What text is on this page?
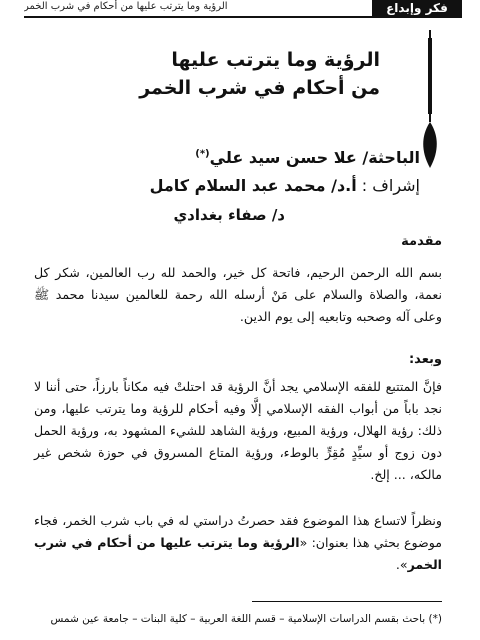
فكر وإبداع
الرؤية وما يترتب عليها من أحكام في شرب الخمر
الرؤية وما يترتب عليها
من أحكام في شرب الخمر
الباحثة/ علا حسن سيد علي(*)
إشراف : أ.د/ محمد عبد السلام كامل
د/ صفاء بغدادي
مقدمة
بسم الله الرحمن الرحيم، فاتحة كل خير، والحمد لله رب العالمين، شكر كل نعمة، والصلاة والسلام على مَنْ أرسله الله رحمة للعالمين سيدنا محمد ﷺ وعلى آله وصحبه وتابعيه إلى يوم الدين.
وبعد:
فإنَّ المتتبع للفقه الإسلامي يجد أنَّ الرؤية قد احتلتْ فيه مكاناً بارزاً، حتى أننا لا نجد باباً من أبواب الفقه الإسلامي إلَّا وفيه أحكام للرؤية وما يترتب عليها، ومن ذلك: رؤية الهلال، ورؤية المبيع، ورؤية الشاهد للشيء المشهود به، ورؤية الحمل دون زوج أو سيِّدٍ مُقِرٍّ بالوطء، ورؤية المتاع المسروق في حوزة شخص غير مالكه، ... إلخ.
ونظراً لاتساع هذا الموضوع فقد حصرتُ دراستي له في باب شرب الخمر، فجاء موضوع بحثي هذا بعنوان: «الرؤية وما يترتب عليها من أحكام في شرب الخمر».
(*) باحث بقسم الدراسات الإسلامية – قسم اللغة العربية – كلية البنات – جامعة عين شمس
